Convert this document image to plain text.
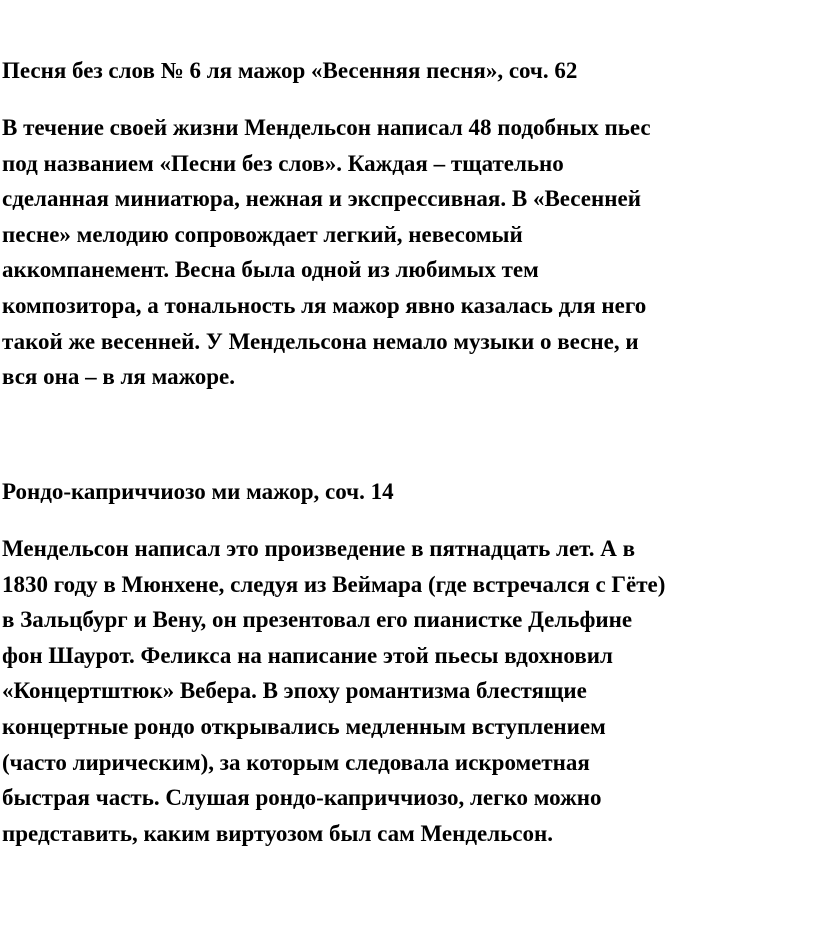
Песня без слов № 6 ля мажор «Весенняя песня», соч. 62
В течение своей жизни Мендельсон написал 48 подобных пьес
под названием «Песни без слов». Каждая – тщательно
сделанная миниатюра, нежная и экспрессивная. В «Весенней
песне» мелодию сопровождает легкий, невесомый
аккомпанемент. Весна была одной из любимых тем
композитора, а тональность ля мажор явно казалась для него
такой же весенней. У Мендельсона немало музыки о весне, и
вся она – в ля мажоре.
Рондо-каприччиозо ми мажор, соч. 14
Мендельсон написал это произведение в пятнадцать лет. А в
1830 году в Мюнхене, следуя из Веймара (где встречался с Гёте)
в Зальцбург и Вену, он презентовал его пианистке Дельфине
фон Шаурот. Феликса на написание этой пьесы вдохновил
«Концертштюк» Вебера. В эпоху романтизма блестящие
концертные рондо открывались медленным вступлением
(часто лирическим), за которым следовала искрометная
быстрая часть. Слушая рондо-каприччиозо, легко можно
представить, каким виртуозом был сам Мендельсон.
